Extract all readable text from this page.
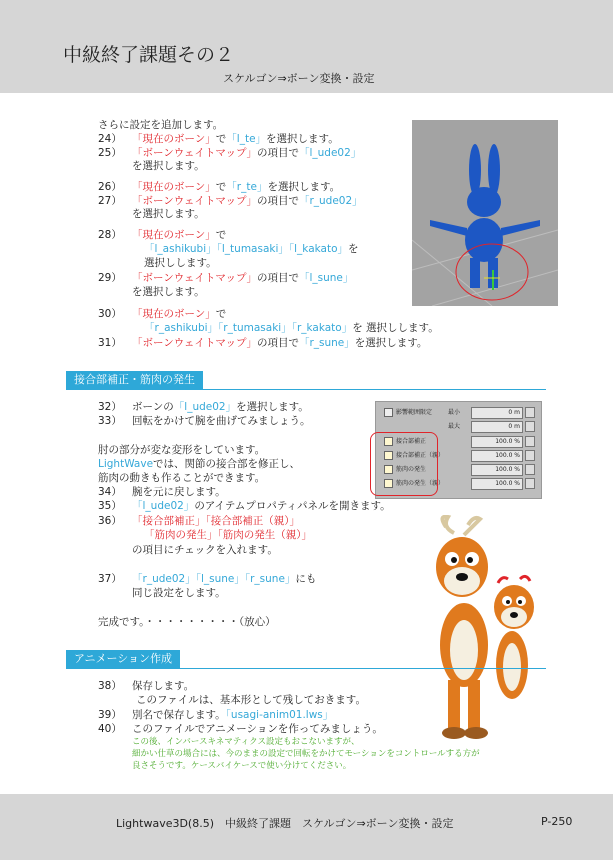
中級終了課題その２
スケルゴン⇒ボーン変換・設定
さらに設定を追加します。
24） 「現在のボーン」で「l_te」を選択します。
25） 「ボーンウェイトマップ」の項目で「l_ude02」
を選択します。
26） 「現在のボーン」で「r_te」を選択します。
27） 「ボーンウェイトマップ」の項目で「r_ude02」
を選択します。
28） 「現在のボーン」で
「l_ashikubi」「l_tumasaki」「l_kakato」を
選択しします。
29） 「ボーンウェイトマップ」の項目で「l_sune」
を選択します。
30） 「現在のボーン」で
「r_ashikubi」「r_tumasaki」「r_kakato」を 選択しします。
31） 「ボーンウェイトマップ」の項目で「r_sune」を選択します。
接合部補正・筋肉の発生
32） ボーンの「l_ude02」を選択します。
33） 回転をかけて腕を曲げてみましょう。
肘の部分が変な変形をしています。
LightWaveでは、関節の接合部を修正し、
筋肉の動きも作ることができます。
34） 腕を元に戻します。
35） 「l_ude02」のアイテムプロパティパネルを開きます。
36） 「接合部補正」「接合部補正（親）」
「筋肉の発生」「筋肉の発生（親）」
の項目にチェックを入れます。
37） 「r_ude02」「l_sune」「r_sune」にも
同じ設定をします。
完成です。・・・・・・・・・（放心）
影響範囲限定	最小	0 m
最大	0 m
接合部補正	100.0 %
接合部補正（親）	100.0 %
筋肉の発生	100.0 %
筋肉の発生（親）	100.0 %
アニメーション作成
38） 保存します。
このファイルは、基本形として残しておきます。
39） 別名で保存します。「usagi-anim01.lws」
40） このファイルでアニメーションを作ってみましょう。
この後、インバースキネマティクス設定もおこないますが、
細かい仕草の場合には、今のままの設定で回転をかけてモーションをコントロールする方が
良さそうです。ケースバイケースで使い分けてください。
Lightwave3D(8.5)　中級終了課題　スケルゴン⇒ボーン変換・設定	P-250
